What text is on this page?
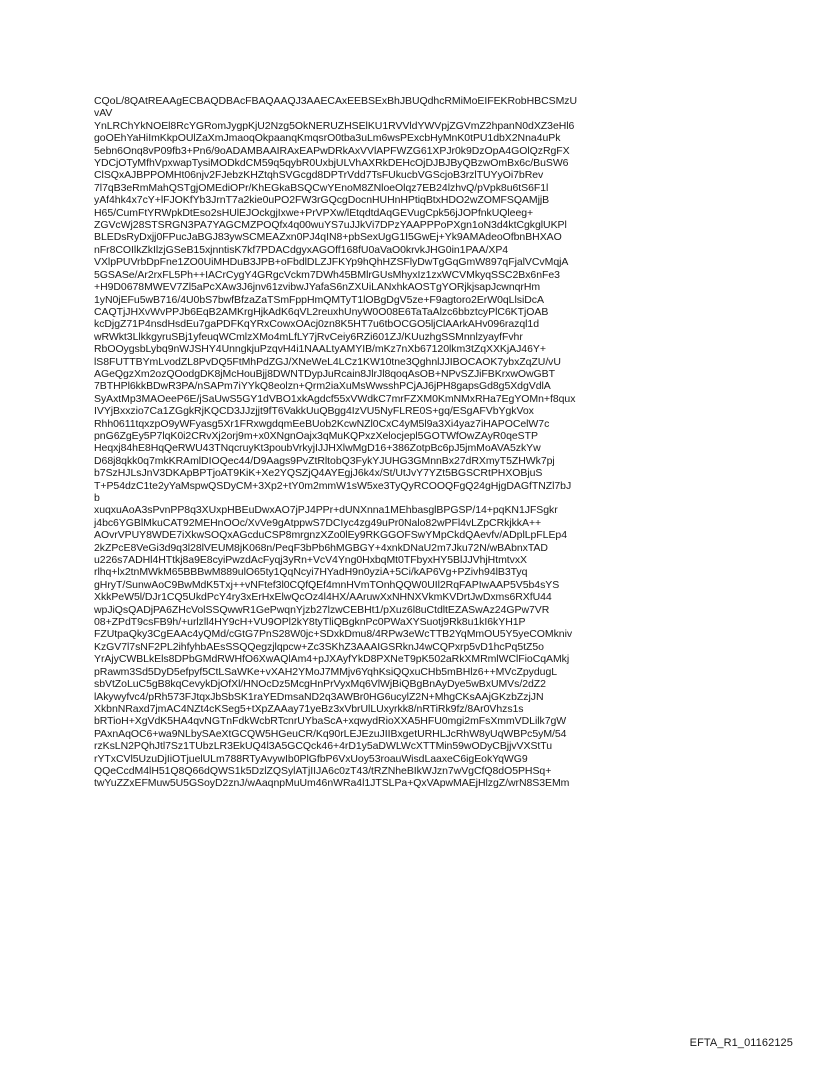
CQoL/8QAtREAAgECBAQDBAcFBAQAAQJ3AAECAxEEBSExBhJBUQdhcRMiMoEIFEKRobHBCSMzU
vAV
YnLRChYkNOEl8RcYGRomJygpKjU2Nzg5OkNERUZHSElKU1RVVldYWVpjZGVmZ2hpanN0dXZ3eHl6
goOEhYaHiImKkpOUlZaXmJmaoqOkpaanqKmqsrO0tba3uLm6wsPExcbHyMnK0tPU1dbX2Nna4uPk
5ebn6Onq8vP09fb3+Pn6/9oADAMBAAIRAxEAPwDRkAxVVlAPFWZG61XPJr0k9DzOpA4GOlQzRgFX
YDCjOTyMfhVpxwapTysiMODkdCM59q5qybR0UxbjULVhAXRkDEHcOjDJBJByQBzwOmBx6c/BuSW6
ClSQxAJBPPOMHt06njv2FJebzKHZtqhSVGcgd8DPTrVdd7TsFUkucbVGScjoB3rzlTUYyOi7bRev
7l7qB3eRmMahQSTgjOMEdiOPr/KhEGkaBSQCwYEnoM8ZNloeOlqz7EB24lzhvQ/pVpk8u6tS6F1l
yAf4hk4x7cY+lFJOKfYb3JrnT7a2kie0uPO2FW3rGQcgDocnHUHnHPtiqBtxHDO2wZOMFSQAMjjB
H65/CumFtYRWpkDtEso2sHUlEJOckgjIxwe+PrVPXw/lEtqdtdAqGEVugCpk56jJOPfnkUQleeg+
ZGVcWj28STSRGN3PA7YAGCMZPOQfx4q00wuYS7uJJkVi7DPzYAAPPPoPXgn1oN3d4ktCgkglUKPl
BLEDsRyDxjj0FPucJaBGJ83ywSCMEAZxn0PJ4qIN8+pbSexUgG1I5GwEj+Yk9AMAdeoOfbnBHXAO
nFr8COIlkZkIlzjGSeB15xjnntisK7kf7PDACdgyxAGOff168fU0aVaO0krvkJHG0in1PAA/XP4
VXlpPUVrbDpFne1ZO0UiMHDuB3JPB+oFbdlDLZJFKYp9hQhHZSFlyDwTgGqGmW897qFjalVCvMqjA
5GSASe/Ar2rxFL5Ph++IACrCygY4GRgcVckm7DWh45BMlrGUsMhyxIz1zxWCVMkyqSSC2Bx6nFe3
+H9D0678MWEV7Zl5aPcXAw3J6jnv61zvibwJYafaS6nZXUiLANxhkAOSTgYORjkjsapJcwnqrHm
1yN0jEFu5wB716/4U0bS7bwfBfzaZaTSmFppHmQMTyT1lOBgDgV5ze+F9agtoro2ErW0qLlsiDcA
CAQTjJHXvWvPPJb6EqB2AMKrgHjkAdK6qVL2reuxhUnyW0O08E6TaTaAlzc6bbztcyPlC6KTjOAB
kcDjgZ71P4nsdHsdEu7gaPDFKqYRxCowxOAcj0zn8K5HT7u6tbOCGO5ljClAArkAHv096razql1d
wRWkt3LlkkgyruSBj1yfeuqWCmlzXMo4mLfLY7jRvCeiy6RZi601ZJ/KUuzhgSSMnnlzyayfFvhr
RbOOygsbLybq9nWJSHY4UnngkjuPzqvH4i1NAALtyAMYIB/mKz7nXb67120lkm3tZqXXKjAJ46Y+
lS8FUTTBYmLvodZL8PvDQ5FtMhPdZGJ/XNeWeL4LCz1KW10tne3QghnlJJIBOCAOK7ybxZqZU/vU
AGeQgzXm2ozQOodgDK8jMcHouBjj8DWNTDypJuRcain8JlrJl8qoqAsOB+NPvSZJiFBKrxwOwGBT
7BTHPl6kkBDwR3PA/nSAPm7iYYkQ8eolzn+Qrm2iaXuMsWwsshPCjAJ6jPH8gapsGd8g5XdgVdlA
SyAxtMp3MAOeeP6E/jSaUwS5GY1dVBO1xkAgdcf55xVWdkC7mrFZXM0KmNMxRHa7EgYOMn+f8qux
IVYjBxxzio7Ca1ZGgkRjKQCD3JJzjjt9fT6VakkUuQBgg4IzVU5NyFLRE0S+gq/ESgAFVbYgkVox
Rhh0611tqxzpO9yWFyasg5Xr1FRxwgdqmEeBUob2KcwNZl0CxC4yM5l9a3Xi4yaz7iHAPOCelW7c
pnG6ZgEy5P7lqK0i2CRvXj2orj9m+x0XNgnOajx3qMuKQPxzXelocjepl5GOTWfOwZAyR0qeSTP
Heqxj84hE8HqQeRWU43TNqcruyKt3poubVrkyjIJJHXlwMgD16+386ZotpBc6pJ5jmMoAVA5zkYw
D68j8qkk0q7mkKRAmlDIOQec44/D9Aags9PvZtRltobQ3FykYJUHG3GMnnBx27dRXmyT5ZHWk7pj
b7SzHJLsJnV3DKApBPTjoAT9KiK+Xe2YQSZjQ4AYEgjJ6k4x/St/UtJvY7YZt5BGSCRtPHXOBjuS
T+P54dzC1te2yYaMspwQSDyCM+3Xp2+tY0m2mmW1sW5xe3TyQyRCOOQFgQ24gHjgDAGfTNZl7bJ
b
xuqxuAoA3sPvnPP8q3XUxpHBEuDwxAO7jPJ4PPr+dUNXnna1MEhbasglBPGSP/14+pqKN1JFSgkr
j4bc6YGBlMkuCAT92MEHnOOc/XvVe9gAtppwS7DCIyc4zg49uPr0Nalo82wPFl4vLZpCRkjkkA++
AOvrVPUY8WDE7iXkwSOQxAGcduCSP8mrgnzXZo0lEy9RKGGOFSwYMpCkdQAevfv/ADplLpFLEp4
2kZPcE8VeGi3d9q3l28lVEUM8jK068n/PeqF3bPb6hMGBGY+4xnkDNaU2m7Jku72N/wBAbnxTAD
u226s7ADHl4HTtkj8a9E8cyiPwzdAcFyqj3yRn+VcV4Yng0HxbqMt0TFbyxHY5BlJJVhjHtmtvxX
rlhq+lx2tnMWkM65BBBwM889ulO65ty1QqNcyi7HYadH9n0yziA+5Ci/kAP6Vg+PZivh94lB3Tyq
gHryT/SunwAoC9BwMdK5Txj++vNFtef3l0CQfQEf4mnHVmTOnhQQW0UIl2RqFAPIwAAP5V5b4sYS
XkkPeW5l/DJr1CQ5UkdPcY4ry3xErHxElwQcOz4l4HX/AAruwXxNHNXVkmKVDrtJwDxms6RXfU44
wpJiQsQADjPA6ZHcVolSSQwwR1GePwqnYjzb27lzwCEBHt1/pXuz6l8uCtdltEZASwAz24GPw7VR
08+ZPdT9csFB9h/+urlzll4HY9cH+VU9OPl2kY8tyTliQBgknPc0PWaXYSuotj9Rk8u1kI6kYH1P
FZUtpaQky3CgEAAc4yQMd/cGtG7PnS28W0jc+SDxkDmu8/4RPw3eWcTTB2YqMmOU5Y5yeCOMkniv
KzGV7l7sNF2PL2ihfyhbAEsSSQQegzjlqpcw+Zc3SKhZ3AAAIGSRknJ4wCQPxrp5vD1hcPq5tZ5o
YrAjyCWBLkEls8DPbGMdRWHfO6XwAQlAm4+pJXAyfYkD8PXNeT9pK502aRkXMRmlWClFioCqAMkj
pRawm3Sd5DyD5efpyf5CtLSaWKe+vXAH2YMoJ7MMjv6YqhKsiQQxuCHb5mBHlz6++MVcZpydugL
sbVtZoLuC5gB8kqCevykDjOfXl/HNOcDz5McgHnPrVyxMq6VlWjBiQBgBnAyDye5wBxUMVs/2dZ2
lAkywyfvc4/pRh573FJtqxJbSbSK1raYEDmsaND2q3AWBr0HG6ucylZ2N+MhgCKsAAjGKzbZzjJN
XkbnNRaxd7jmAC4NZt4cKSeg5+tXpZAAay71yeBz3xVbrUlLUxyrkk8/nRTiRk9fz/8Ar0Vhzs1s
bRTioH+XgVdK5HA4qvNGTnFdkWcbRTcnrUYbaScA+xqwydRioXXA5HFU0mgi2mFsXmmVDLilk7gW
PAxnAqOC6+wa9NLbySAeXtGCQW5HGeuCR/Kq90rLEJEzuJIIBxgetURHLJcRhW8yUqWBPc5yM/54
rzKsLN2PQhJtl7Sz1TUbzLR3EkUQ4l3A5GCQck46+4rD1y5aDWLWcXTTMin59wODyCBjjvVXStTu
rYTxCVl5UzuDjIiOTjuelULm788RTyAvywIb0PlGfbP6VxUoy53roauWisdLaaxeC6igEokYqWG9
QQeCcdM4lH51Q8Q66dQWS1k5DzlZQSylATjIIJA6c0zT43/tRZNheBIkWJzn7wVgCfQ8dO5PHSq+
twYuZZxEFMuw5U5GSoyD2znJ/wAaqnpMuUm46nWRa4l1JTSLPa+QxVApwMAEjHlzgZ/wrN8S3EMm
EFTA_R1_01162125
